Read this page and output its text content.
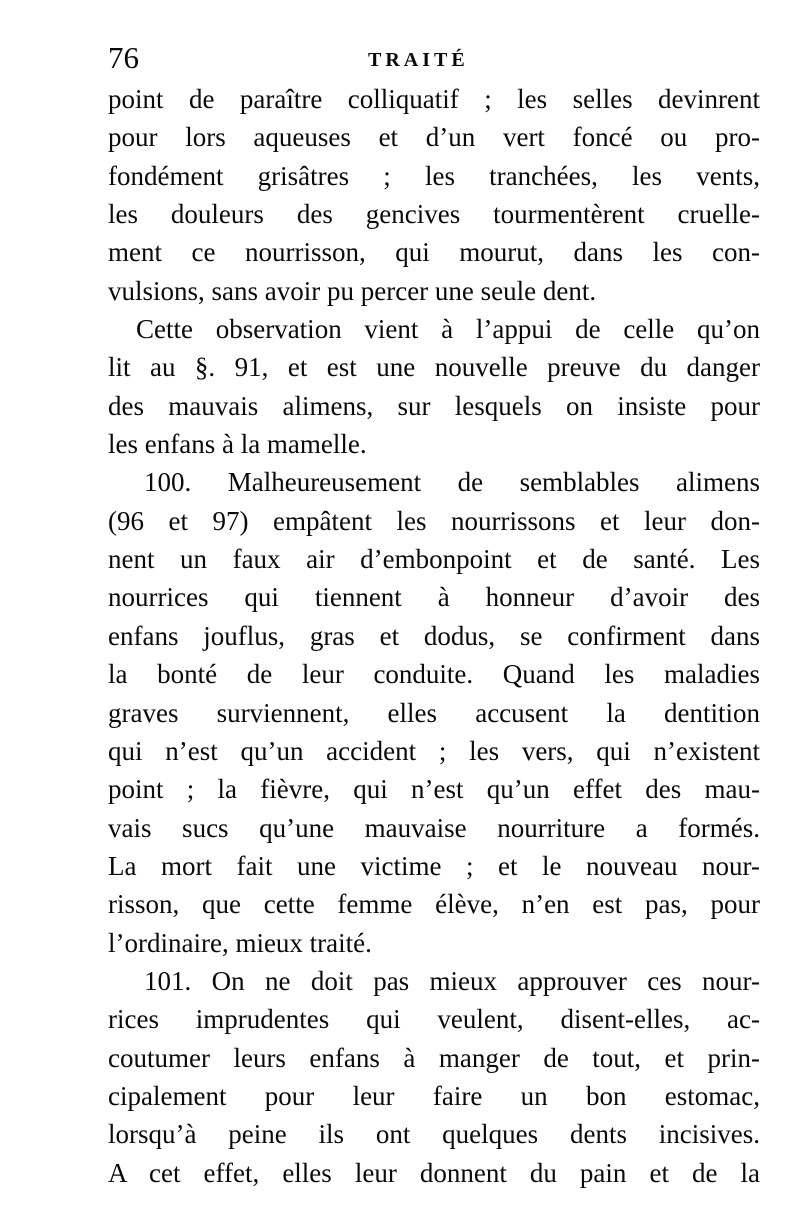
76	TRAITÉ
point de paraître colliquatif ; les selles devinrent
pour lors aqueuses et d’un vert foncé ou pro-
fondément grisâtres ; les tranchées, les vents,
les douleurs des gencives tourmentèrent cruelle-
ment ce nourrisson, qui mourut, dans les con-
vulsions, sans avoir pu percer une seule dent.
Cette observation vient à l’appui de celle qu’on
lit au §. 91, et est une nouvelle preuve du danger
des mauvais alimens, sur lesquels on insiste pour
les enfans à la mamelle.
100. Malheureusement de semblables alimens
(96 et 97) empâtent les nourrissons et leur don-
nent un faux air d’embonpoint et de santé. Les
nourrices qui tiennent à honneur d’avoir des
enfans jouflus, gras et dodus, se confirment dans
la bonté de leur conduite. Quand les maladies
graves surviennent, elles accusent la dentition
qui n’est qu’un accident ; les vers, qui n’existent
point ; la fièvre, qui n’est qu’un effet des mau-
vais sucs qu’une mauvaise nourriture a formés.
La mort fait une victime ; et le nouveau nour-
risson, que cette femme élève, n’en est pas, pour
l’ordinaire, mieux traité.
101. On ne doit pas mieux approuver ces nour-
rices imprudentes qui veulent, disent-elles, ac-
coutumer leurs enfans à manger de tout, et prin-
cipalement pour leur faire un bon estomac,
lorsqu’à peine ils ont quelques dents incisives.
A cet effet, elles leur donnent du pain et de la
